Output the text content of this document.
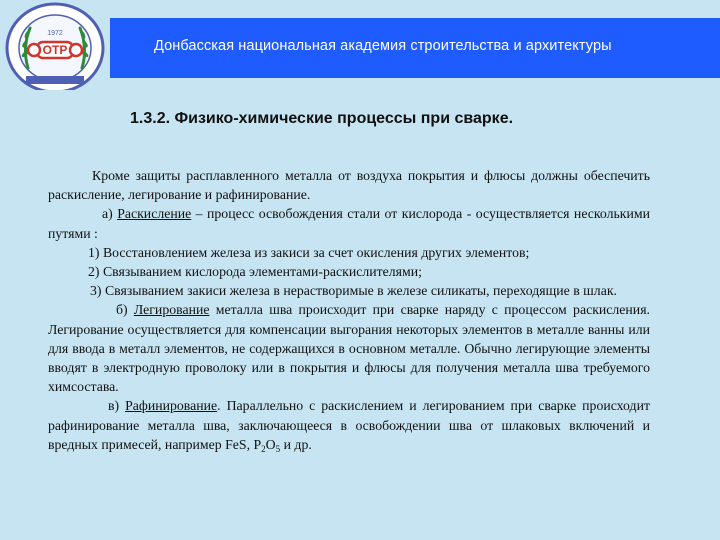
ОТР
1972
Донбасская национальная академия строительства и архитектуры
1.3.2. Физико-химические процессы при сварке.

Кроме защиты расплавленного металла от воздуха покрытия и флюсы должны обеспечить раскисление, легирование и рафинирование.

а) Раскисление – процесс освобождения стали от кислорода - осуществляется несколькими путями :

1) Восстановлением железа из закиси за счет окисления других элементов;

2) Связыванием кислорода элементами-раскислителями;

3) Связыванием закиси железа в нерастворимые в железе силикаты, переходящие в шлак.

б) Легирование металла шва происходит при сварке наряду с процессом раскисления. Легирование осуществляется для компенсации выгорания некоторых элементов в металле ванны или для ввода в металл элементов, не содержащихся в основном металле. Обычно легирующие элементы вводят в электродную проволоку или в покрытия и флюсы для получения металла шва требуемого химсостава.

в) Рафинирование. Параллельно с раскислением и легированием при сварке происходит рафинирование металла шва, заключающееся в освобождении шва от шлаковых включений и вредных примесей, например FeS, $P_2O_5$ и др.
